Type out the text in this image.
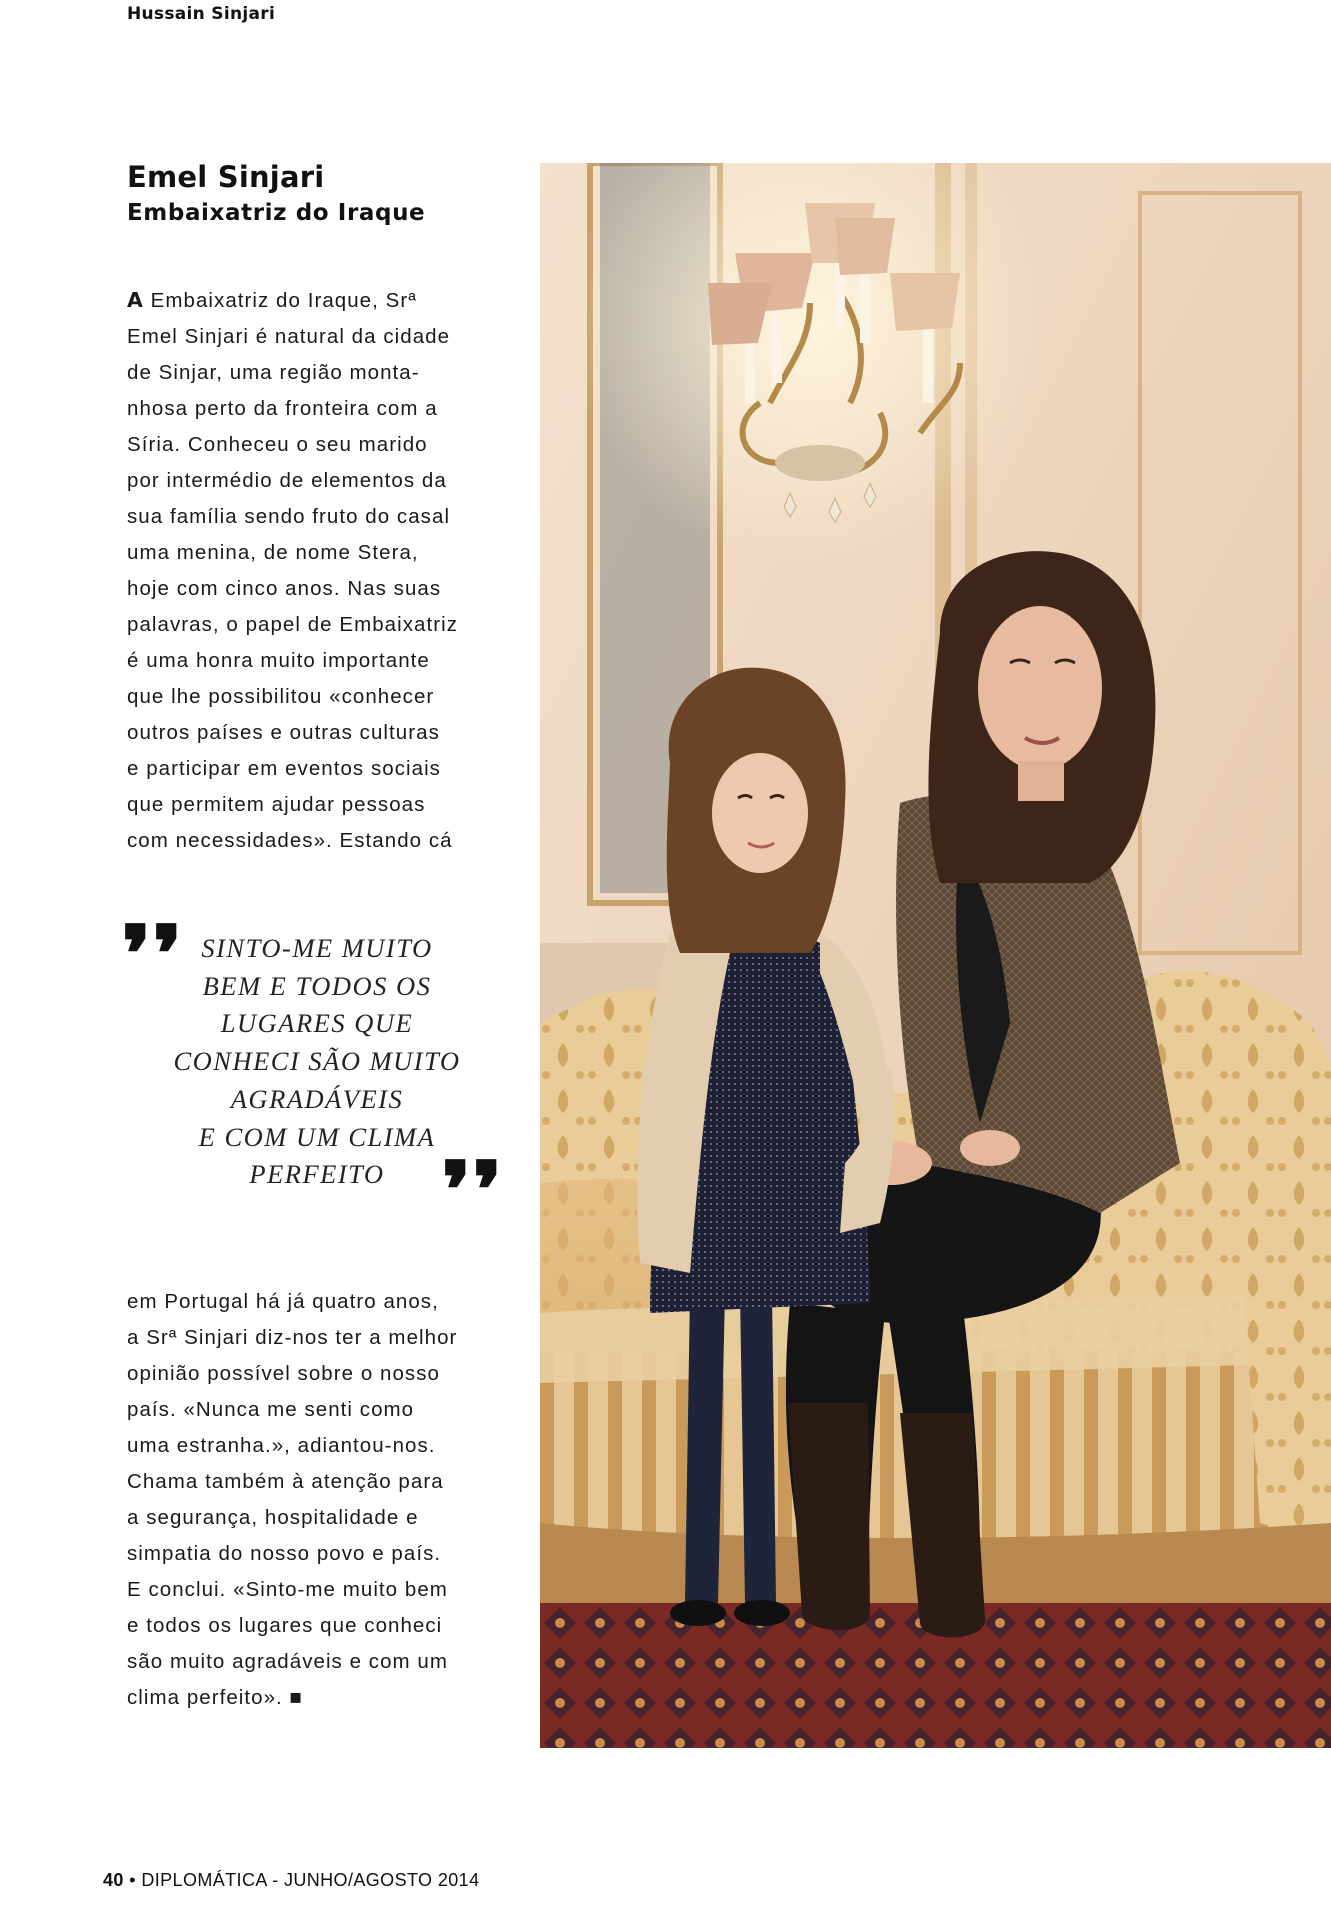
Hussain Sinjari
Emel Sinjari
Embaixatriz do Iraque

A Embaixatriz do Iraque, Srª
Emel Sinjari é natural da cidade
de Sinjar, uma região monta-
nhosa perto da fronteira com a
Síria. Conheceu o seu marido
por intermédio de elementos da
sua família sendo fruto do casal
uma menina, de nome Stera,
hoje com cinco anos. Nas suas
palavras, o papel de Embaixatriz
é uma honra muito importante
que lhe possibilitou «conhecer
outros países e outras culturas
e participar em eventos sociais
que permitem ajudar pessoas
com necessidades». Estando cá

❜❜ SINTO-ME MUITO
BEM E TODOS OS
LUGARES QUE
CONHECI SÃO MUITO
AGRADÁVEIS
E COM UM CLIMA
PERFEITO ❜❜

em Portugal há já quatro anos,
a Srª Sinjari diz-nos ter a melhor
opinião possível sobre o nosso
país. «Nunca me senti como
uma estranha.», adiantou-nos.
Chama também à atenção para
a segurança, hospitalidade e
simpatia do nosso povo e país.
E conclui. «Sinto-me muito bem
e todos os lugares que conheci
são muito agradáveis e com um
clima perfeito». ■

40 • DIPLOMÁTICA - JUNHO/AGOSTO 2014
